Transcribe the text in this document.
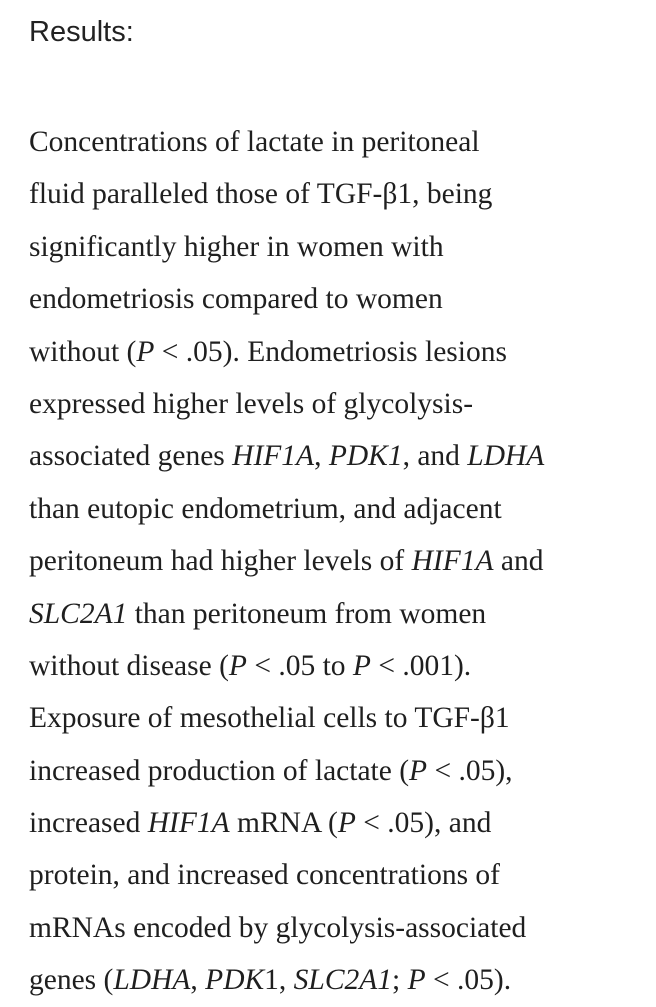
Results:
Concentrations of lactate in peritoneal
fluid paralleled those of TGF-β1, being
significantly higher in women with
endometriosis compared to women
without (P < .05). Endometriosis lesions
expressed higher levels of glycolysis-
associated genes HIF1A, PDK1, and LDHA
than eutopic endometrium, and adjacent
peritoneum had higher levels of HIF1A and
SLC2A1 than peritoneum from women
without disease (P < .05 to P < .001).
Exposure of mesothelial cells to TGF-β1
increased production of lactate (P < .05),
increased HIF1A mRNA (P < .05), and
protein, and increased concentrations of
mRNAs encoded by glycolysis-associated
genes (LDHA, PDK1, SLC2A1; P < .05).
